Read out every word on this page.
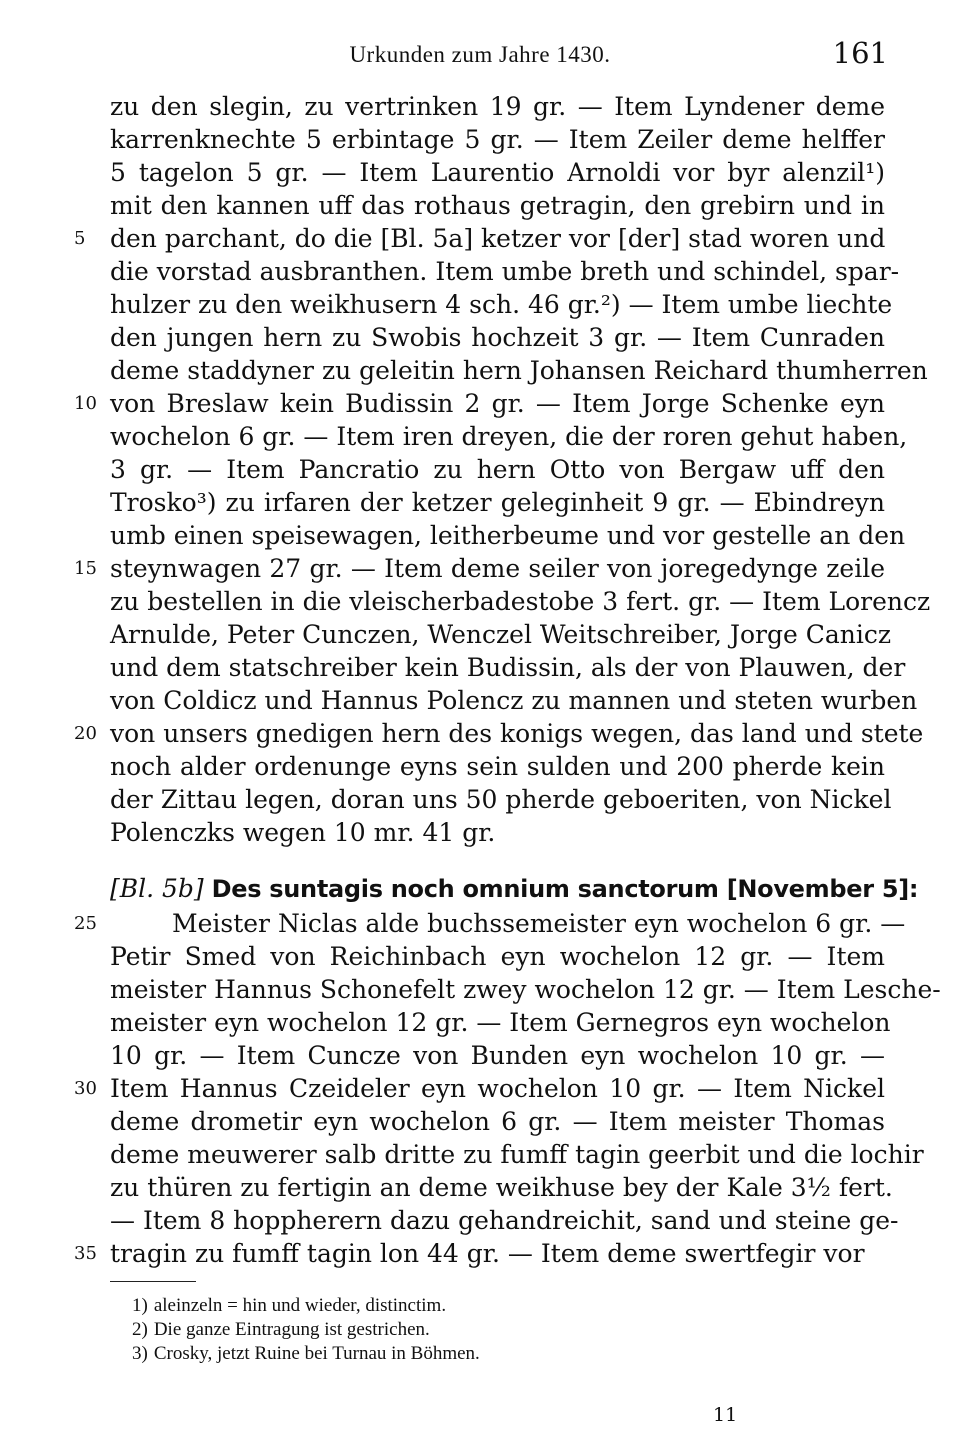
Urkunden zum Jahre 1430.	161
zu den slegin, zu vertrinken 19 gr. — Item Lyndener deme
karrenknechte 5 erbintage 5 gr. — Item Zeiler deme helffer
5 tagelon 5 gr. — Item Laurentio Arnoldi vor byr alenzil¹)
mit den kannen uff das rothaus getragin, den grebirn und in
5 den parchant, do die [Bl. 5a] ketzer vor [der] stad woren und
die vorstad ausbranthen. Item umbe breth und schindel, spar-
hulzer zu den weikhusern 4 sch. 46 gr.²) — Item umbe liechte
den jungen hern zu Swobis hochzeit 3 gr. — Item Cunraden
deme staddyner zu geleitin hern Johansen Reichard thumherren
10 von Breslaw kein Budissin 2 gr. — Item Jorge Schenke eyn
wochelon 6 gr. — Item iren dreyen, die der roren gehut haben,
3 gr. — Item Pancratio zu hern Otto von Bergaw uff den
Trosko³) zu irfaren der ketzer geleginheit 9 gr. — Ebindreyn
umb einen speisewagen, leitherbeume und vor gestelle an den
15 steynwagen 27 gr. — Item deme seiler von joregedynge zeile
zu bestellen in die vleischerbadestobe 3 fert. gr. — Item Lorencz
Arnulde, Peter Cunczen, Wenczel Weitschreiber, Jorge Canicz
und dem statschreiber kein Budissin, als der von Plauwen, der
von Coldicz und Hannus Polencz zu mannen und steten wurben
20 von unsers gnedigen hern des konigs wegen, das land und stete
noch alder ordenunge eyns sein sulden und 200 pherde kein
der Zittau legen, doran uns 50 pherde geboeriten, von Nickel
Polenczks wegen 10 mr. 41 gr.
[Bl. 5b] Des suntagis noch omnium sanctorum [November 5]:
25	Meister Niclas alde buchssemeister eyn wochelon 6 gr. —
Petir Smed von Reichinbach eyn wochelon 12 gr. — Item
meister Hannus Schonefelt zwey wochelon 12 gr. — Item Lesche-
meister eyn wochelon 12 gr. — Item Gernegros eyn wochelon
10 gr. — Item Cuncze von Bunden eyn wochelon 10 gr. —
30 Item Hannus Czeideler eyn wochelon 10 gr. — Item Nickel
deme drometir eyn wochelon 6 gr. — Item meister Thomas
deme meuwerer salb dritte zu fumff tagin geerbit und die lochir
zu thüren zu fertigin an deme weikhuse bey der Kale 3½ fert.
— Item 8 hoppherern dazu gehandreichit, sand und steine ge-
35 tragin zu fumff tagin lon 44 gr. — Item deme swertfegir vor
1) aleinzeln = hin und wieder, distinctim.
2) Die ganze Eintragung ist gestrichen.
3) Crosky, jetzt Ruine bei Turnau in Böhmen.
11
